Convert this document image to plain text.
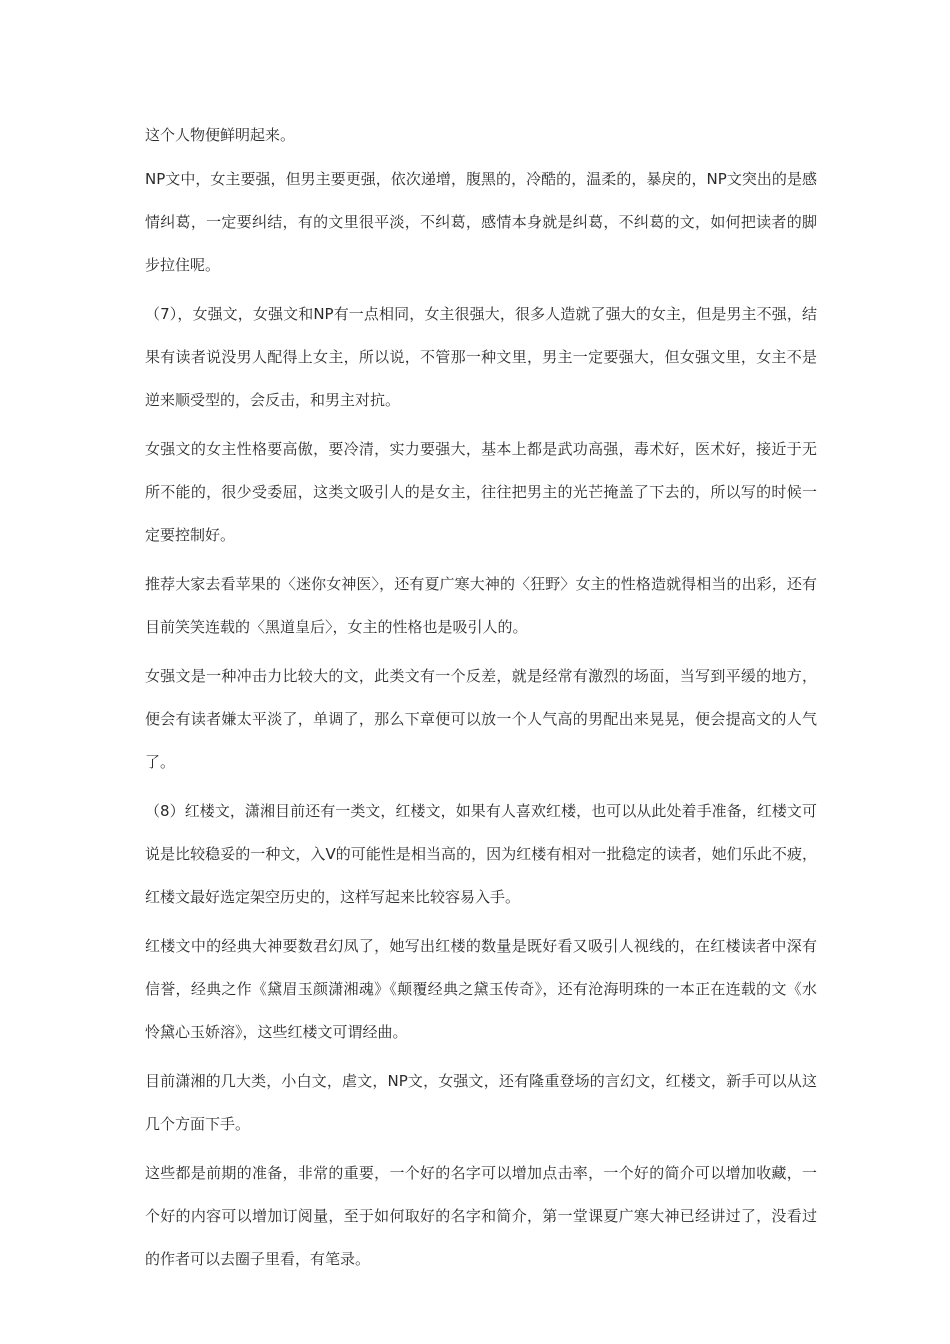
这个人物便鲜明起来。

NP文中，女主要强，但男主要更强，依次递增，腹黑的，冷酷的，温柔的，暴戾的，NP文突出的是感情纠葛，一定要纠结，有的文里很平淡，不纠葛，感情本身就是纠葛，不纠葛的文，如何把读者的脚步拉住呢。

（7），女强文，女强文和NP有一点相同，女主很强大，很多人造就了强大的女主，但是男主不强，结果有读者说没男人配得上女主，所以说，不管那一种文里，男主一定要强大，但女强文里，女主不是逆来顺受型的，会反击，和男主对抗。

女强文的女主性格要高傲，要冷清，实力要强大，基本上都是武功高强，毒术好，医术好，接近于无所不能的，很少受委屈，这类文吸引人的是女主，往往把男主的光芒掩盖了下去的，所以写的时候一定要控制好。

推荐大家去看苹果的〈迷你女神医〉，还有夏广寒大神的〈狂野〉女主的性格造就得相当的出彩，还有目前笑笑连载的〈黑道皇后〉，女主的性格也是吸引人的。

女强文是一种冲击力比较大的文，此类文有一个反差，就是经常有激烈的场面，当写到平缓的地方，便会有读者嫌太平淡了，单调了，那么下章便可以放一个人气高的男配出来晃晃，便会提高文的人气了。

（8）红楼文，潇湘目前还有一类文，红楼文，如果有人喜欢红楼，也可以从此处着手准备，红楼文可说是比较稳妥的一种文，入V的可能性是相当高的，因为红楼有相对一批稳定的读者，她们乐此不疲，红楼文最好选定架空历史的，这样写起来比较容易入手。

红楼文中的经典大神要数君幻凤了，她写出红楼的数量是既好看又吸引人视线的，在红楼读者中深有信誉，经典之作《黛眉玉颜潇湘魂》《颠覆经典之黛玉传奇》，还有沧海明珠的一本正在连载的文《水怜黛心玉娇溶》，这些红楼文可谓经曲。

目前潇湘的几大类，小白文，虐文，NP文，女强文，还有隆重登场的言幻文，红楼文，新手可以从这几个方面下手。

这些都是前期的准备，非常的重要，一个好的名字可以增加点击率，一个好的简介可以增加收藏，一个好的内容可以增加订阅量，至于如何取好的名字和简介，第一堂课夏广寒大神已经讲过了，没看过的作者可以去圈子里看，有笔录。
